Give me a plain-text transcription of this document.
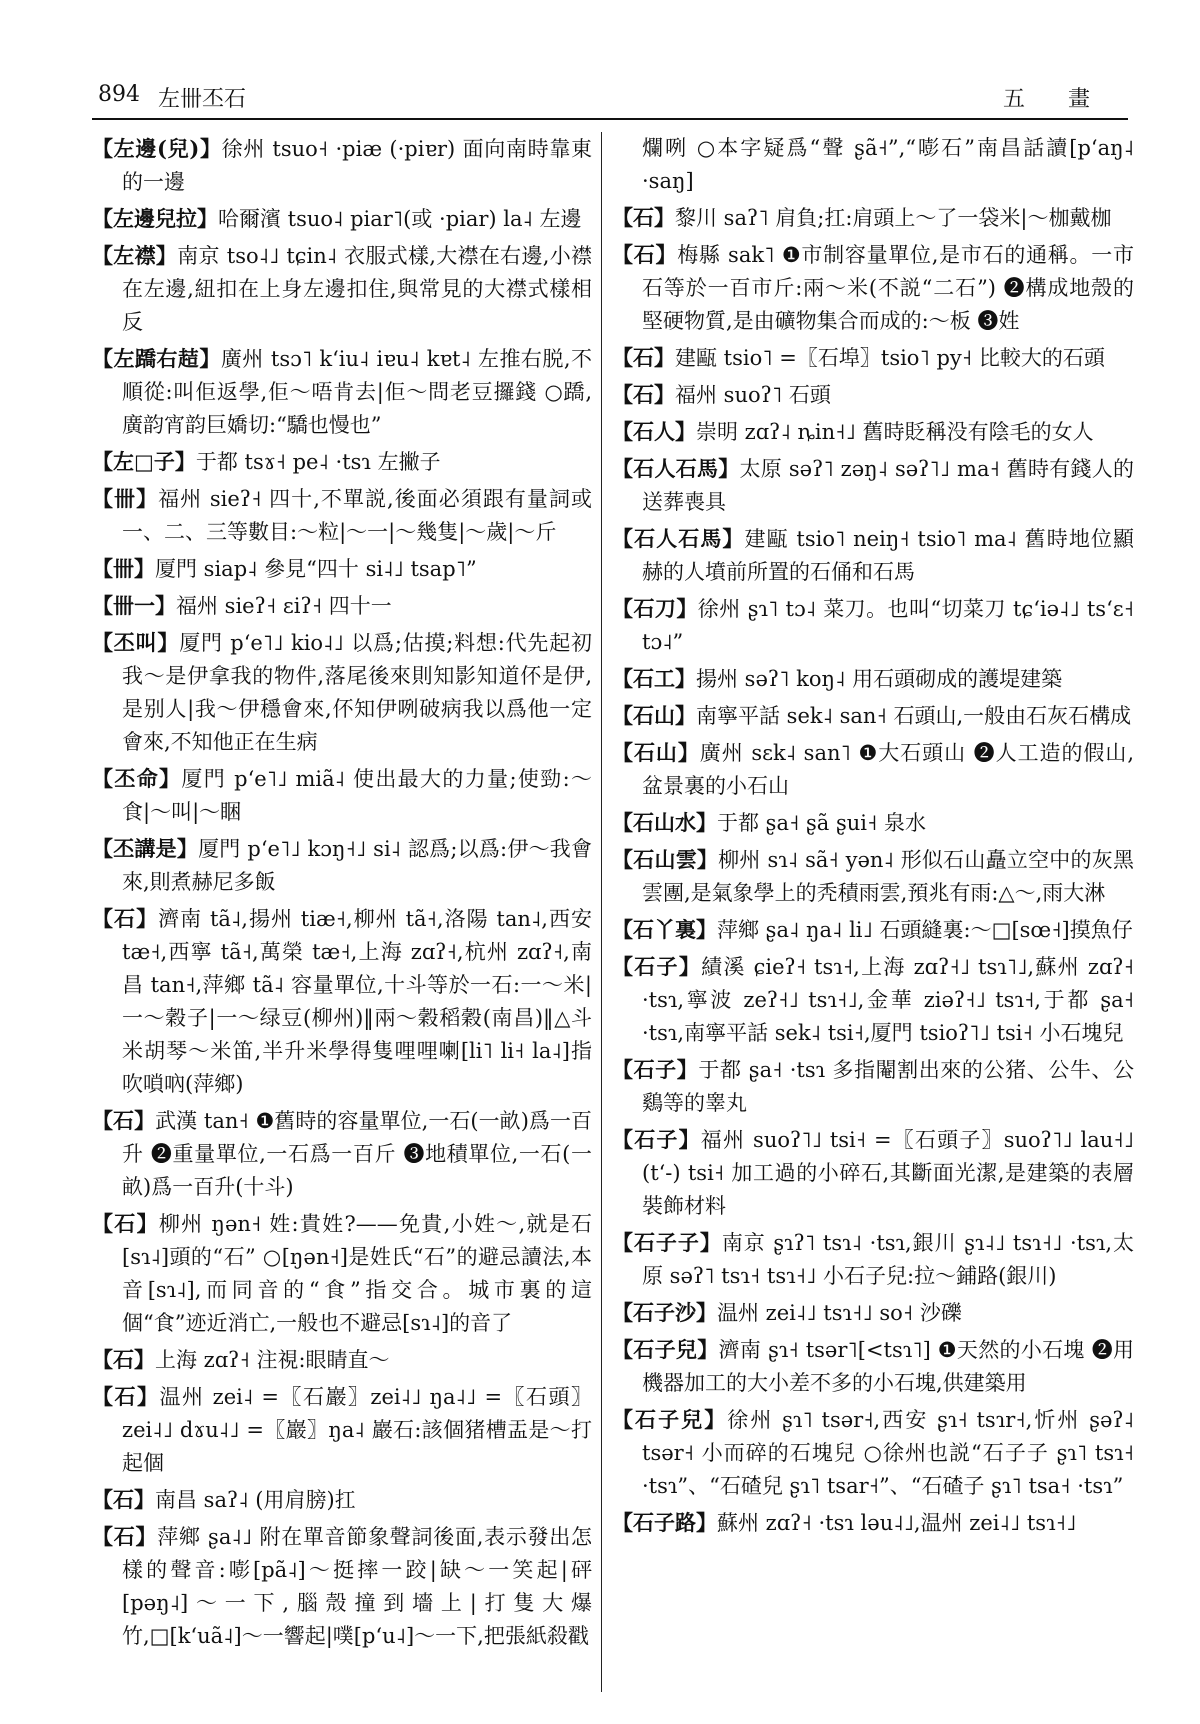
894 左卌丕石	五 畫

【左邊(兒)】徐州 tsuo˧ ·piæ (·piɐr) 面向南時靠東的一邊

【左邊兒拉】哈爾濱 tsuo˨ piar˥(或 ·piar) la˨ 左邊

【左襟】南京 tso˨˩ tɕin˨ 衣服式樣,大襟在右邊,小襟在左邊,紐扣在上身左邊扣住,與常見的大襟式樣相反

【左蹻右趌】廣州 tsɔ˥ kʻiu˨ iɐu˨ kɐt˨ 左推右脱,不順從:叫佢返學,佢～唔肯去|佢～問老豆攞錢 ○蹻,廣韵宵韵巨嬌切:“驕也慢也”

【左□子】于都 tsɤ˧ pe˨ ·tsɿ 左撇子

【卌】福州 sieʔ˧ 四十,不單説,後面必須跟有量詞或一、二、三等數目:～粒|～一|～幾隻|～歲|～斤

【卌】厦門 siap˨ 參見“四十 si˨˩ tsap˥”

【卌一】福州 sieʔ˧ ɛiʔ˧ 四十一

【丕叫】厦門 pʻe˥˩ kio˨˩ 以爲;估摸;料想:代先起初我～是伊拿我的物件,落尾後來則知影知道伓是伊,是别人|我～伊穩會來,伓知伊咧破病我以爲他一定會來,不知他正在生病

【丕命】厦門 pʻe˥˩ miã˨ 使出最大的力量;使勁:～食|～叫|～睏

【丕講是】厦門 pʻe˥˩ kɔŋ˧˩ si˨ 認爲;以爲:伊～我會來,則煮赫尼多飯

【石】濟南 tã˨,揚州 tiæ˧,柳州 tã˧,洛陽 tan˨,西安 tæ˧,西寧 tã˧,萬榮 tæ˧,上海 zɑʔ˧,杭州 zɑʔ˧,南昌 tan˧,萍鄉 tã˨ 容量單位,十斗等於一石:一～米|一～穀子|一～绿豆(柳州)‖兩～穀稻穀(南昌)‖△斗米胡琴～米笛,半升米學得隻哩哩喇[li˥ li˧ la˨]指吹嗩吶(萍鄉)

【石】武漢 tan˧ ❶舊時的容量單位,一石(一畝)爲一百升 ❷重量單位,一石爲一百斤 ❸地積單位,一石(一畝)爲一百升(十斗)

【石】柳州 ŋən˧ 姓:貴姓?——免貴,小姓～,就是石[sɿ˨]頭的“石” ○[ŋən˧]是姓氏“石”的避忌讀法,本音[sɿ˨],而同音的“食”指交合。城市裏的這個“食”迹近消亡,一般也不避忌[sɿ˨]的音了

【石】上海 zɑʔ˧ 注視:眼睛直～

【石】温州 zei˨ =〖石巖〗zei˨˩ ŋa˨˩ =〖石頭〗zei˨˩ dɤu˨˩ =〖巖〗ŋa˨ 巖石:該個猪槽盂是～打起個

【石】南昌 saʔ˨ (用肩膀)扛

【石】萍鄉 ʂa˨˩ 附在單音節象聲詞後面,表示發出怎樣的聲音:嘭[pã˨]～挺摔一跤|缺～一笑起|砰[pəŋ˨]～一下,腦殼撞到墻上|打隻大爆竹,□[kʻuã˨]～一響起|噗[pʻu˨]～一下,把張紙殺戳

爛咧 ○本字疑爲“聲 ʂã˧”,“嘭石”南昌話讀[pʻaŋ˨ ·saŋ]

【石】黎川 saʔ˥ 肩負;扛:肩頭上～了一袋米|～枷戴枷

【石】梅縣 sak˥ ❶市制容量單位,是市石的通稱。一市石等於一百市斤:兩～米(不説“二石”) ❷構成地殼的堅硬物質,是由礦物集合而成的:～板 ❸姓

【石】建甌 tsio˥ =〖石埠〗tsio˥ py˧ 比較大的石頭

【石】福州 suoʔ˥ 石頭

【石人】崇明 zɑʔ˨ ȵin˧˩ 舊時貶稱没有陰毛的女人

【石人石馬】太原 səʔ˥ zəŋ˨ səʔ˥˩ ma˧ 舊時有錢人的送葬喪具

【石人石馬】建甌 tsio˥ neiŋ˧ tsio˥ ma˨ 舊時地位顯赫的人墳前所置的石俑和石馬

【石刀】徐州 ʂɿ˥ tɔ˨ 菜刀。也叫“切菜刀 tɕʻiə˨˩ tsʻɛ˧ tɔ˨”

【石工】揚州 səʔ˥ koŋ˨ 用石頭砌成的護堤建築

【石山】南寧平話 sek˨ san˧ 石頭山,一般由石灰石構成

【石山】廣州 sɛk˨ san˥ ❶大石頭山 ❷人工造的假山,盆景裏的小石山

【石山水】于都 ʂa˧ ʂã ʂui˧ 泉水

【石山雲】柳州 sɿ˨ sã˧ yən˨ 形似石山矗立空中的灰黑雲團,是氣象學上的秃積雨雲,預兆有雨:△～,雨大淋

【石丫裏】萍鄉 ʂa˨ ŋa˨ li˩ 石頭縫裏:～□[sœ˧]摸魚仔

【石子】績溪 ɕieʔ˧ tsɿ˧,上海 zɑʔ˧˩ tsɿ˥˩,蘇州 zɑʔ˧ ·tsɿ,寧波 zeʔ˧˩ tsɿ˧˩,金華 ziəʔ˧˩ tsɿ˧,于都 ʂa˧ ·tsɿ,南寧平話 sek˨ tsi˧,厦門 tsioʔ˥˩ tsi˧ 小石塊兒

【石子】于都 ʂa˧ ·tsɿ 多指閹割出來的公猪、公牛、公鷄等的睾丸

【石子】福州 suoʔ˥˩ tsi˧ =〖石頭子〗suoʔ˥˩ lau˧˩ (tʻ-) tsi˧ 加工過的小碎石,其斷面光潔,是建築的表層裝飾材料

【石子子】南京 ʂɿʔ˥ tsɿ˨ ·tsɿ,銀川 ʂɿ˨˩ tsɿ˧˩ ·tsɿ,太原 səʔ˥ tsɿ˧ tsɿ˧˩ 小石子兒:拉～鋪路(銀川)

【石子沙】温州 zei˨˩ tsɿ˧˩ so˧ 沙礫

【石子兒】濟南 ʂɿ˧ tsər˥[<tsɿ˥] ❶天然的小石塊 ❷用機器加工的大小差不多的小石塊,供建築用

【石子兒】徐州 ʂɿ˥ tsər˧,西安 ʂɿ˧ tsɿr˧,忻州 ʂəʔ˨ tsər˧ 小而碎的石塊兒 ○徐州也説“石子子 ʂɿ˥ tsɿ˧ ·tsɿ”、“石碴兒 ʂɿ˥ tsar˧”、“石碴子 ʂɿ˥ tsa˧ ·tsɿ”

【石子路】蘇州 zɑʔ˧ ·tsɿ ləu˨˩,温州 zei˨˩ tsɿ˧˩
